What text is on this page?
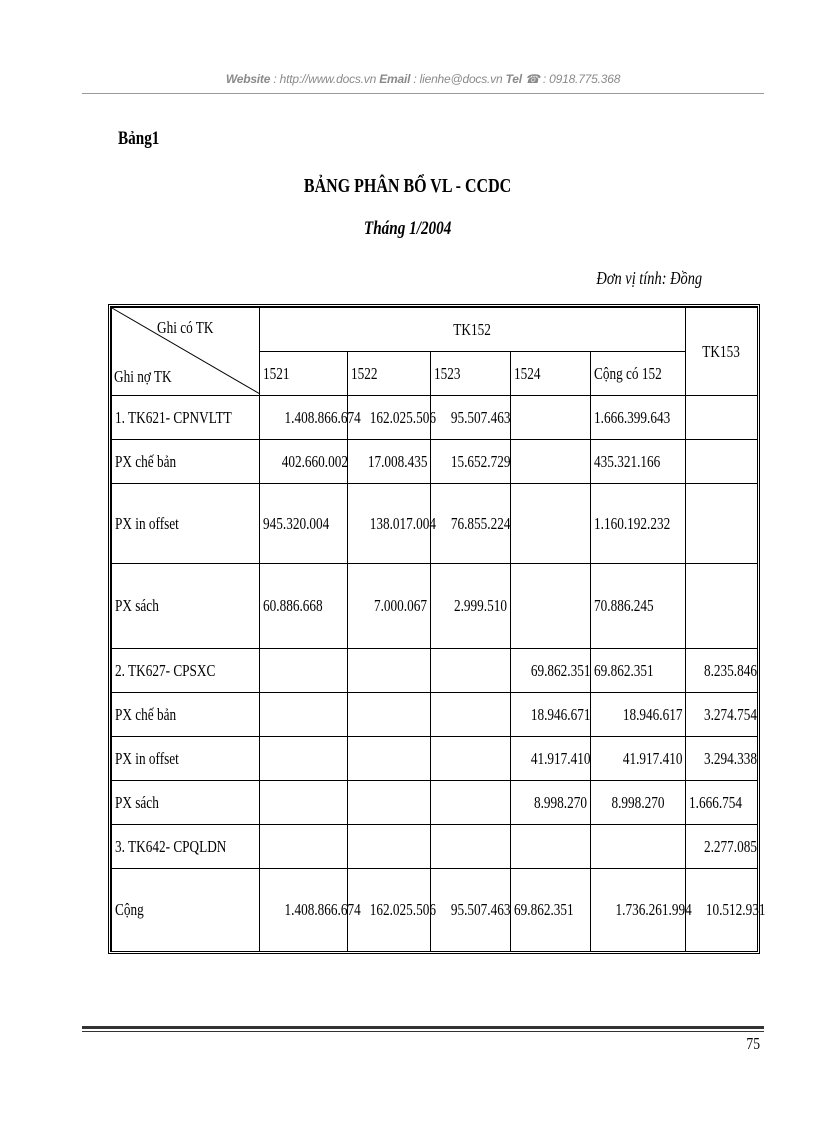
Website : http://www.docs.vn Email : lienhe@docs.vn Tel ☎ : 0918.775.368
Bảng1
BẢNG PHÂN BỔ VL - CCDC
Tháng 1/2004
Đơn vị tính: Đồng
Ghi có TK
Ghi nợ TK	TK152					TK153
	1521	1522	1523	1524	Cộng có 152	
1. TK621- CPNVLTT	1.408.866.674	162.025.506	95.507.463		1.666.399.643	
PX chế bản	402.660.002	17.008.435	15.652.729		435.321.166	
PX in offset	945.320.004	138.017.004	76.855.224		1.160.192.232	
PX sách	60.886.668	7.000.067	2.999.510		70.886.245	
2. TK627- CPSXC				69.862.351	69.862.351	8.235.846
PX chế bản				18.946.671	18.946.617	3.274.754
PX in offset				41.917.410	41.917.410	3.294.338
PX sách				8.998.270	8.998.270	1.666.754
3. TK642- CPQLDN						2.277.085
Cộng	1.408.866.674	162.025.506	95.507.463	69.862.351	1.736.261.994	10.512.931
75
